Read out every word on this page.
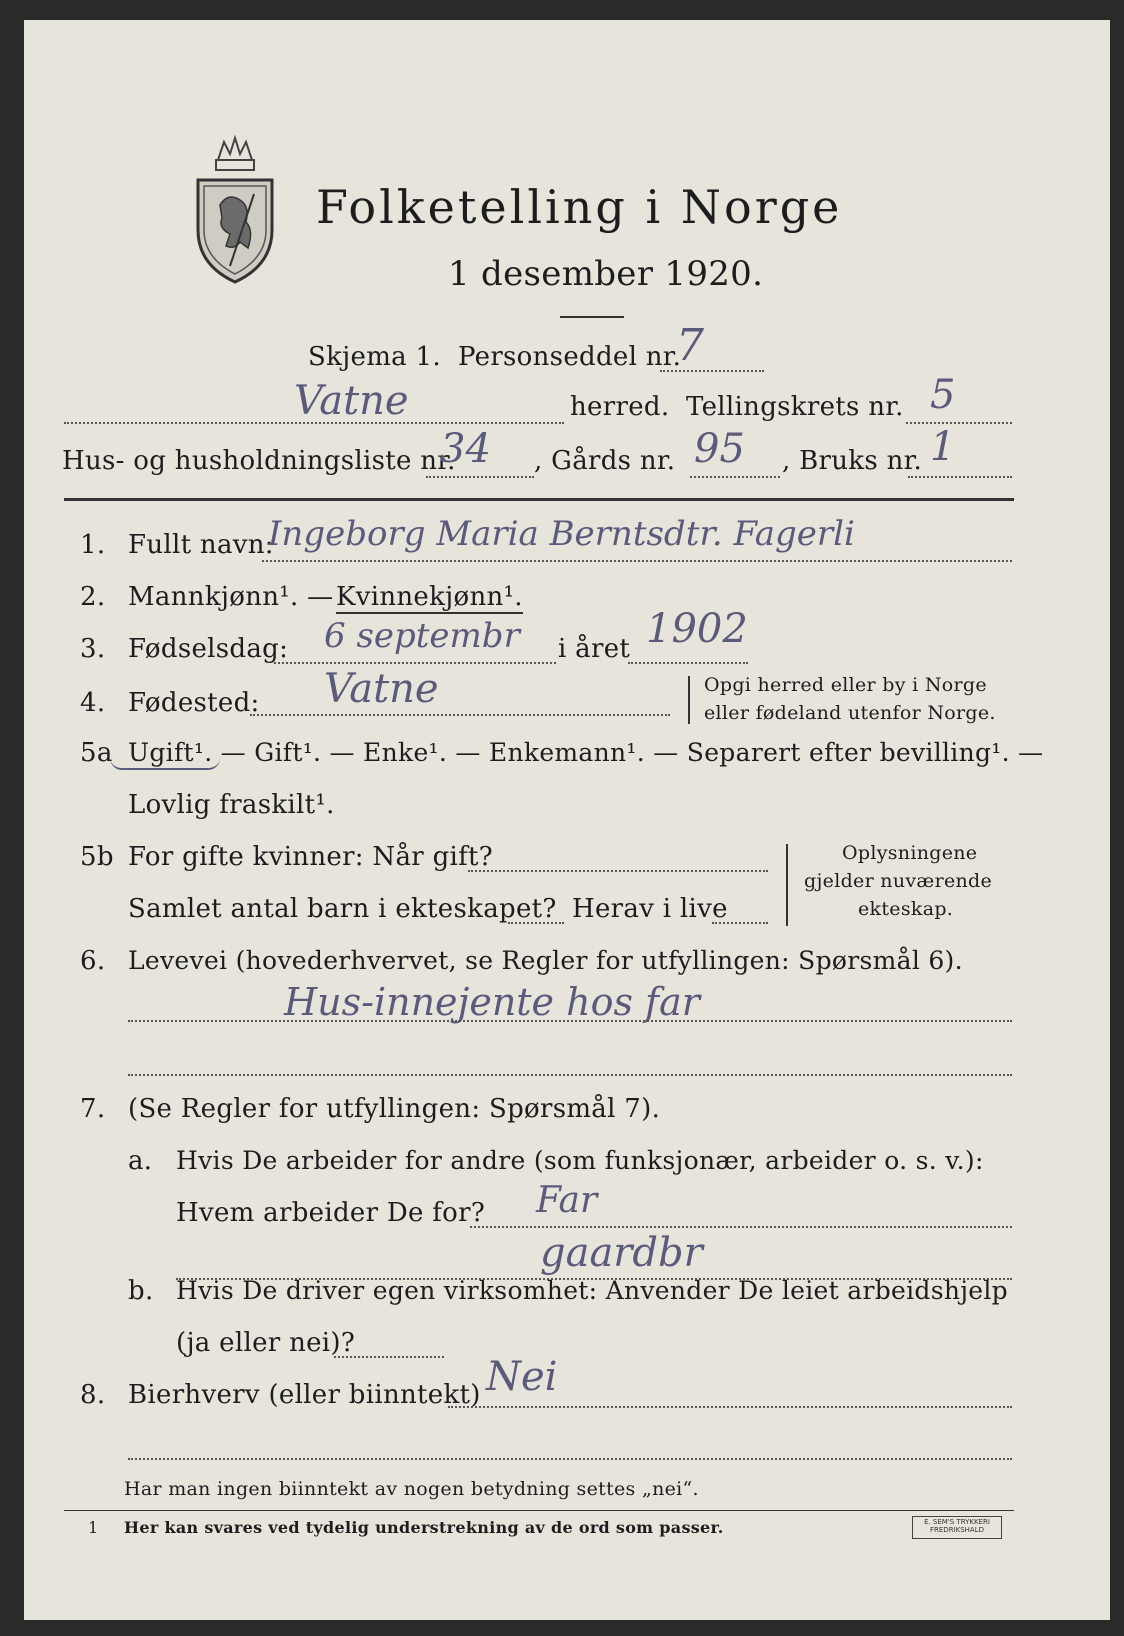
Folketelling i Norge
1 desember 1920.
Skjema 1. Personseddel nr.
7
Vatne	herred. Tellingskrets nr. 5
Hus- og husholdningsliste nr.
34 , Gårds nr. 95 , Bruks nr. 1
1. Fullt navn:
Ingeborg Maria Berntsdtr. Fagerli
2. Mannkjønn¹. — Kvinnekjønn¹.
3. Fødselsdag: 6 septembr i året 1902
4. Fødested: Vatne	Opgi herred eller by i Norge
eller fødeland utenfor Norge.
5a Ugift¹. — Gift¹. — Enke¹. — Enkemann¹. — Separert efter bevilling¹. —
Lovlig fraskilt¹.
5b For gifte kvinner: Når gift?
Samlet antal barn i ekteskapet? Herav i live
Oplysningene
gjelder nuværende
ekteskap.
6. Levevei (hovederhvervet, se Regler for utfyllingen: Spørsmål 6).
Hus-innejente hos far
7. (Se Regler for utfyllingen: Spørsmål 7).
a. Hvis De arbeider for andre (som funksjonær, arbeider o. s. v.):
Hvem arbeider De for? Far
gaardbr
b. Hvis De driver egen virksomhet: Anvender De leiet arbeidshjelp
(ja eller nei)?
8. Bierhverv (eller biinntekt) Nei
Har man ingen biinntekt av nogen betydning settes „nei“.
1 Her kan svares ved tydelig understrekning av de ord som passer.	E. SEM'S TRYKKERI
FREDRIKSHALD
